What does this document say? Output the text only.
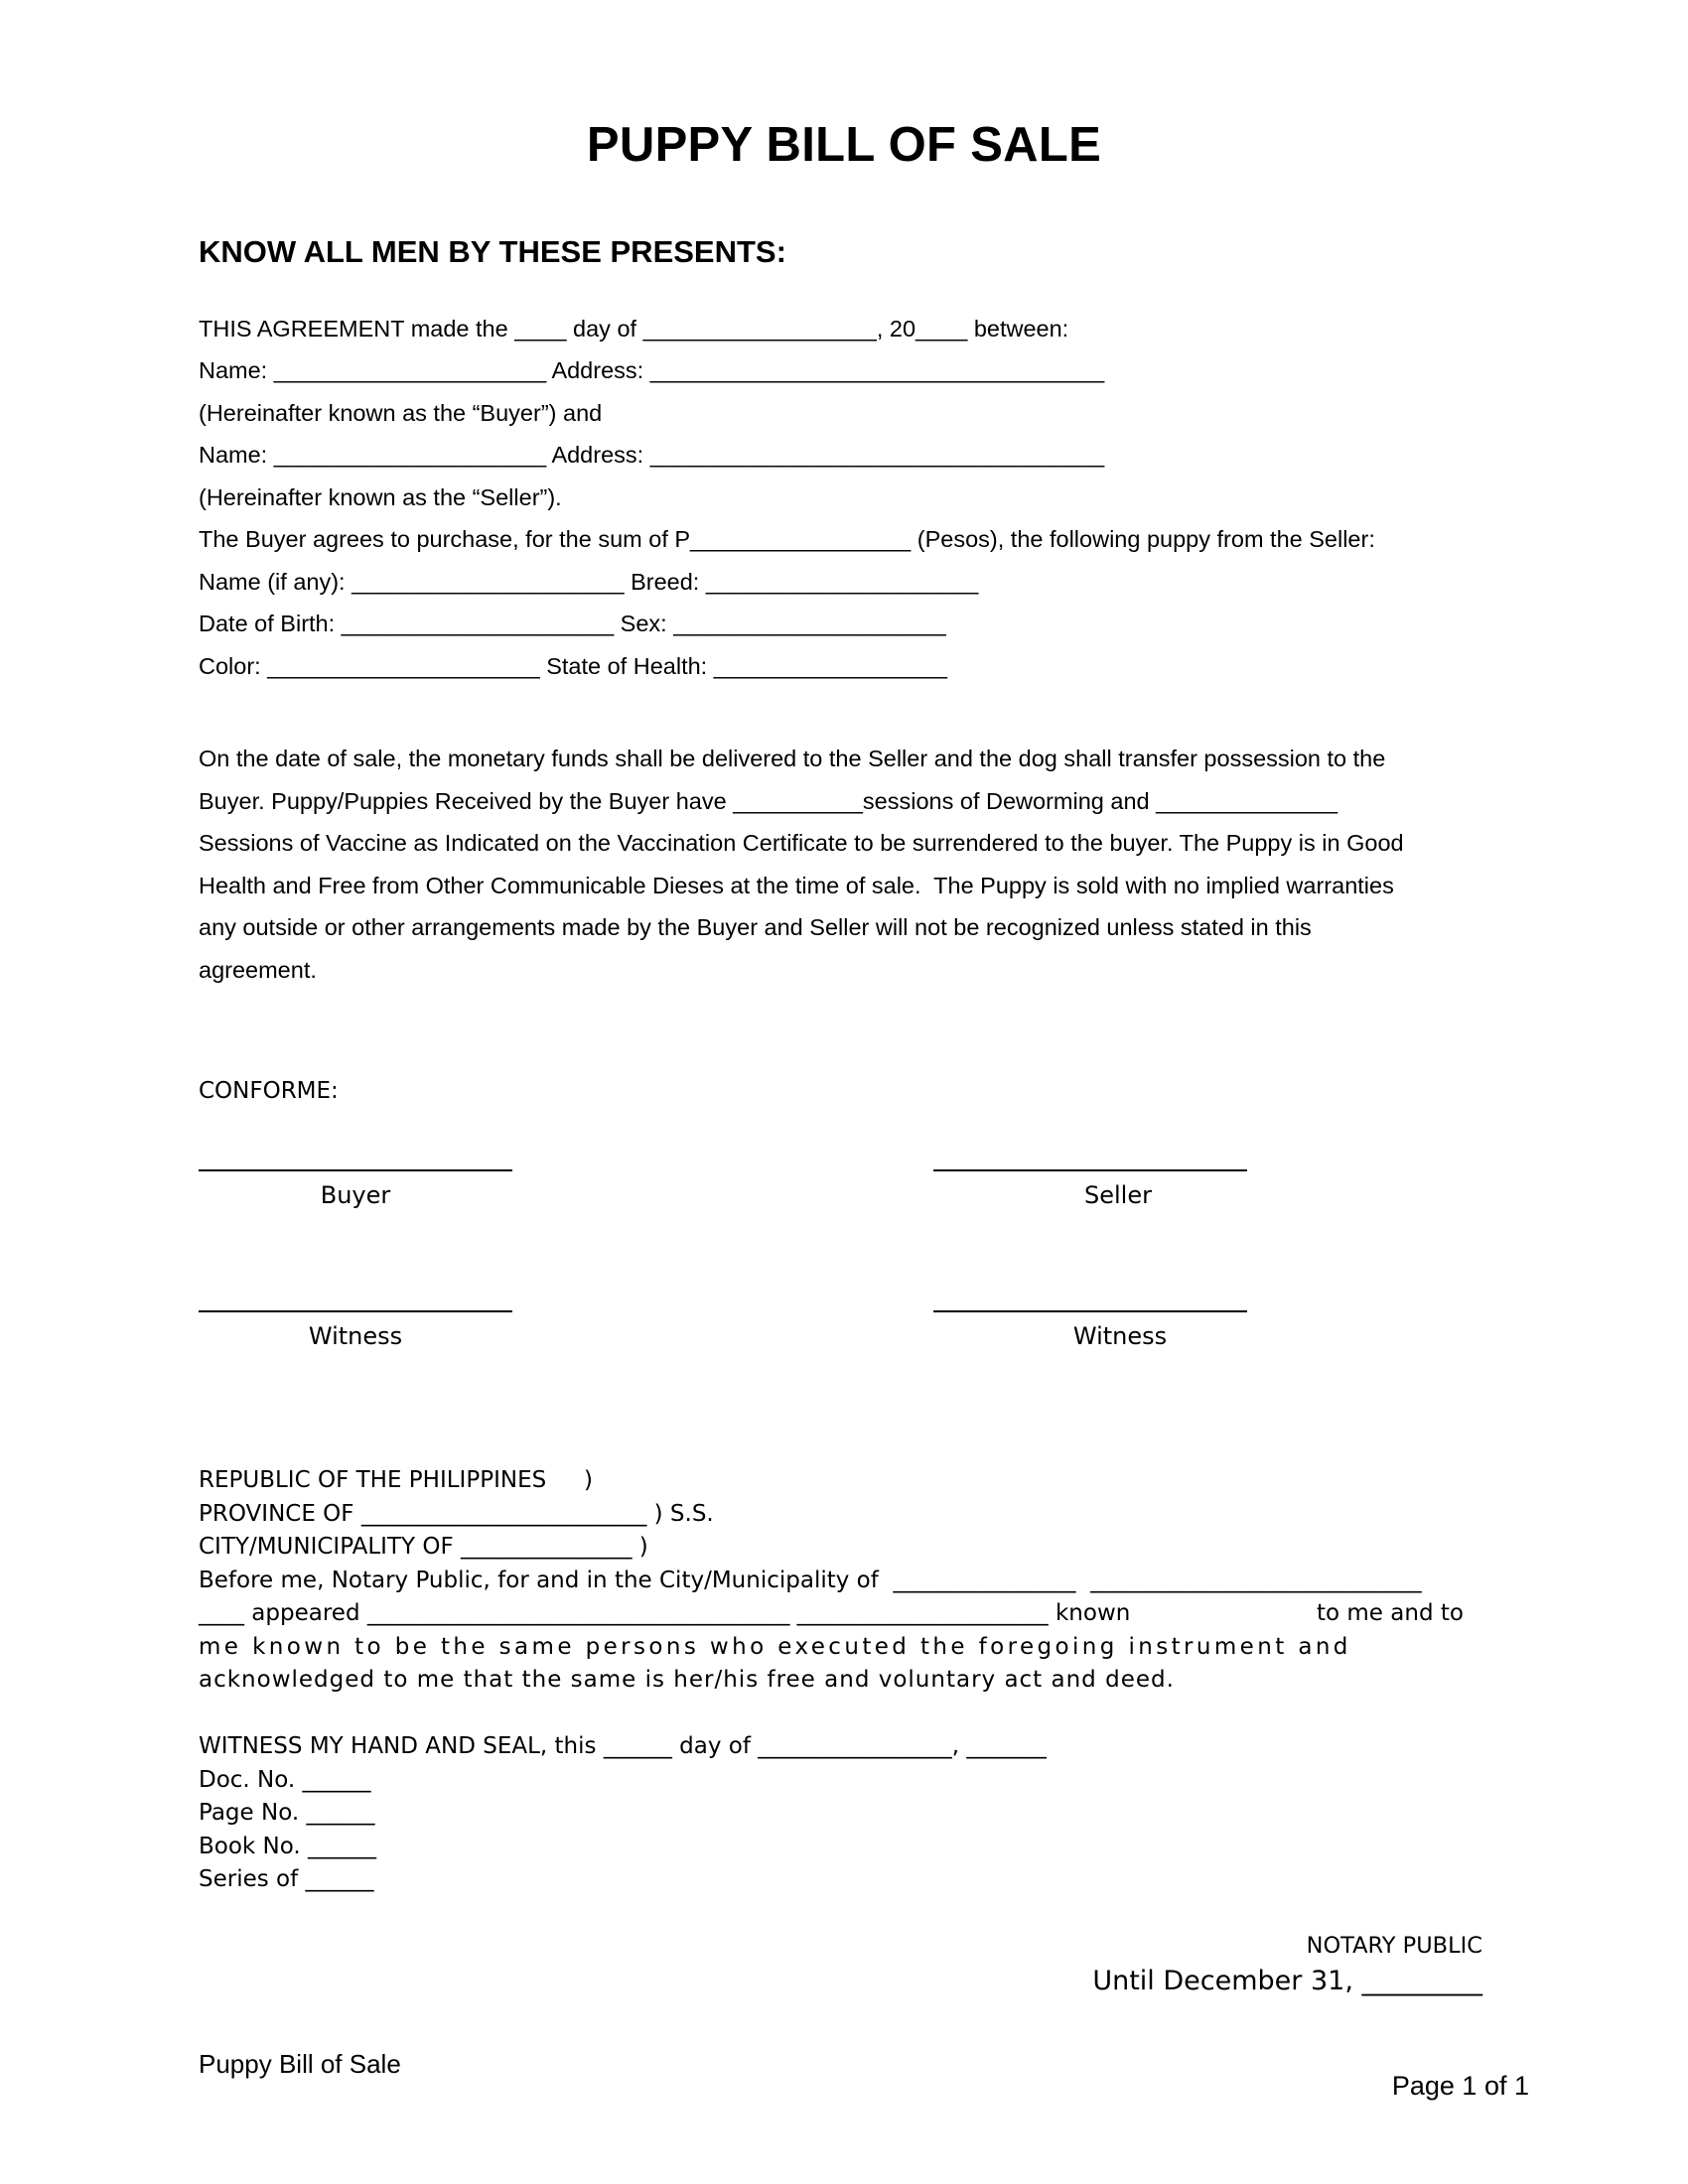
PUPPY BILL OF SALE
KNOW ALL MEN BY THESE PRESENTS:
THIS AGREEMENT made the ____ day of __________________, 20____ between:
Name: _____________________ Address: ___________________________________
(Hereinafter known as the “Buyer”) and
Name: _____________________ Address: ___________________________________
(Hereinafter known as the “Seller”).
The Buyer agrees to purchase, for the sum of P_________________ (Pesos), the following puppy from the Seller:
Name (if any): _____________________ Breed: _____________________
Date of Birth: _____________________ Sex: _____________________
Color: _____________________ State of Health: __________________

On the date of sale, the monetary funds shall be delivered to the Seller and the dog shall transfer possession to the

Buyer. Puppy/Puppies Received by the Buyer have __________sessions of Deworming and ______________

Sessions of Vaccine as Indicated on the Vaccination Certificate to be surrendered to the buyer. The Puppy is in Good

Health and Free from Other Communicable Dieses at the time of sale.  The Puppy is sold with no implied warranties

any outside or other arrangements made by the Buyer and Seller will not be recognized unless stated in this

agreement.

CONFORME:
Buyer	Seller
Witness	Witness
REPUBLIC OF THE PHILIPPINES )
PROVINCE OF _________________________ ) S.S.
CITY/MUNICIPALITY OF _______________ )
Before me, Notary Public, for and in the City/Municipality of  ________________  _____________________________
____ appeared _____________________________________ ______________________ known	to me and to
me known to be the same persons who executed the foregoing instrument and
acknowledged to me that the same is her/his free and voluntary act and deed.
WITNESS MY HAND AND SEAL, this ______ day of _________________, _______
Doc. No. ______
Page No. ______
Book No. ______
Series of ______
NOTARY PUBLIC
Until December 31, _________
Puppy Bill of Sale
Page 1 of 1
